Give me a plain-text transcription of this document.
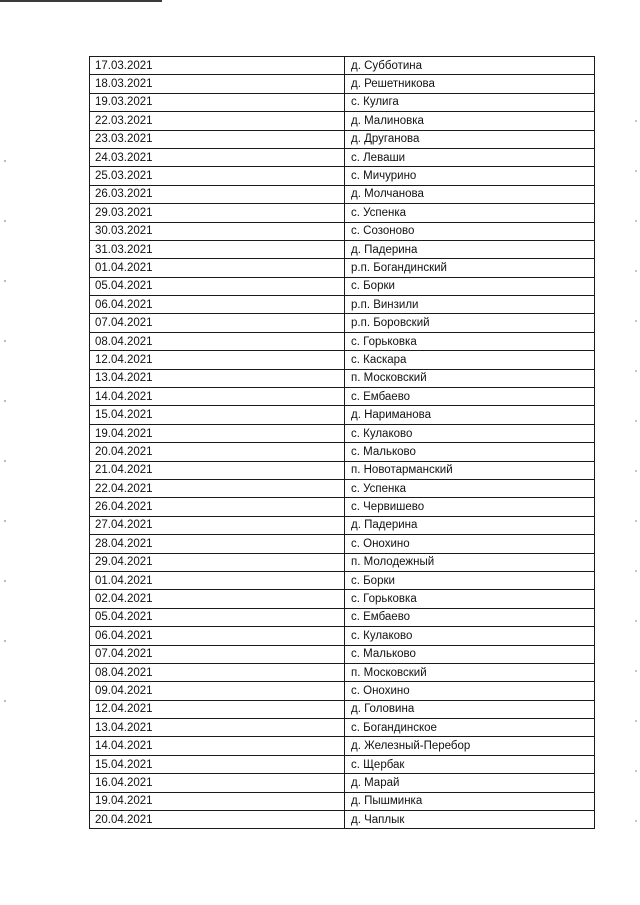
17.03.2021	д. Субботина
18.03.2021	д. Решетникова
19.03.2021	с. Кулига
22.03.2021	д. Малиновка
23.03.2021	д. Друганова
24.03.2021	с. Леваши
25.03.2021	с. Мичурино
26.03.2021	д. Молчанова
29.03.2021	с. Успенка
30.03.2021	с. Созоново
31.03.2021	д. Падерина
01.04.2021	р.п. Богандинский
05.04.2021	с. Борки
06.04.2021	р.п. Винзили
07.04.2021	р.п. Боровский
08.04.2021	с. Горьковка
12.04.2021	с. Каскара
13.04.2021	п. Московский
14.04.2021	с. Ембаево
15.04.2021	д. Нариманова
19.04.2021	с. Кулаково
20.04.2021	с. Мальково
21.04.2021	п. Новотарманский
22.04.2021	с. Успенка
26.04.2021	с. Червишево
27.04.2021	д. Падерина
28.04.2021	с. Онохино
29.04.2021	п. Молодежный
01.04.2021	с. Борки
02.04.2021	с. Горьковка
05.04.2021	с. Ембаево
06.04.2021	с. Кулаково
07.04.2021	с. Мальково
08.04.2021	п. Московский
09.04.2021	с. Онохино
12.04.2021	д. Головина
13.04.2021	с. Богандинское
14.04.2021	д. Железный-Перебор
15.04.2021	с. Щербак
16.04.2021	д. Марай
19.04.2021	д. Пышминка
20.04.2021	д. Чаплык
